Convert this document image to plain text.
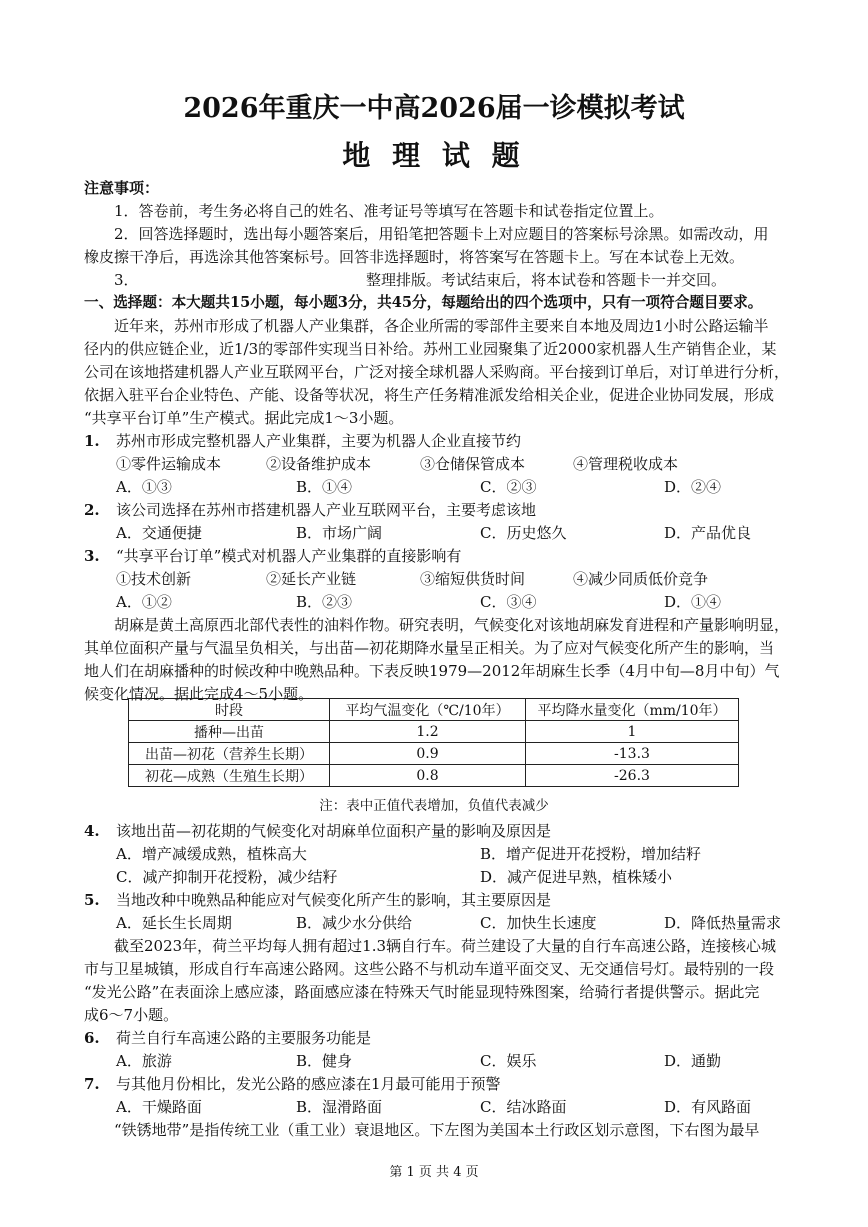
2026年重庆一中高2026届一诊模拟考试
地 理 试 题
注意事项：
1．答卷前，考生务必将自己的姓名、准考证号等填写在答题卡和试卷指定位置上。
2．回答选择题时，选出每小题答案后，用铅笔把答题卡上对应题目的答案标号涂黑。如需改动，用
橡皮擦干净后，再选涂其他答案标号。回答非选择题时，将答案写在答题卡上。写在本试卷上无效。
3．	整理排版。考试结束后，将本试卷和答题卡一并交回。
一、选择题：本大题共15小题，每小题3分，共45分，每题给出的四个选项中，只有一项符合题目要求。
近年来，苏州市形成了机器人产业集群，各企业所需的零部件主要来自本地及周边1小时公路运输半
径内的供应链企业，近1/3的零部件实现当日补给。苏州工业园聚集了近2000家机器人生产销售企业，某
公司在该地搭建机器人产业互联网平台，广泛对接全球机器人采购商。平台接到订单后，对订单进行分析，
依据入驻平台企业特色、产能、设备等状况，将生产任务精准派发给相关企业，促进企业协同发展，形成
“共享平台订单”生产模式。据此完成1～3小题。
1. 苏州市形成完整机器人产业集群，主要为机器人企业直接节约
①零件运输成本	②设备维护成本	③仓储保管成本	④管理税收成本
A．①③	B．①④	C．②③	D．②④
2. 该公司选择在苏州市搭建机器人产业互联网平台，主要考虑该地
A．交通便捷	B．市场广阔	C．历史悠久	D．产品优良
3. “共享平台订单”模式对机器人产业集群的直接影响有
①技术创新	②延长产业链	③缩短供货时间	④减少同质低价竞争
A．①②	B．②③	C．③④	D．①④
胡麻是黄土高原西北部代表性的油料作物。研究表明，气候变化对该地胡麻发育进程和产量影响明显，
其单位面积产量与气温呈负相关，与出苗—初花期降水量呈正相关。为了应对气候变化所产生的影响，当
地人们在胡麻播种的时候改种中晚熟品种。下表反映1979—2012年胡麻生长季（4月中旬—8月中旬）气
候变化情况。据此完成4～5小题。
时段	平均气温变化（℃/10年）	平均降水量变化（mm/10年）
播种—出苗	1.2	1
出苗—初花（营养生长期）	0.9	-13.3
初花—成熟（生殖生长期）	0.8	-26.3
注：表中正值代表增加，负值代表减少
4. 该地出苗—初花期的气候变化对胡麻单位面积产量的影响及原因是
A．增产减缓成熟，植株高大	B．增产促进开花授粉，增加结籽
C．减产抑制开花授粉，减少结籽	D．减产促进早熟，植株矮小
5. 当地改种中晚熟品种能应对气候变化所产生的影响，其主要原因是
A．延长生长周期	B．减少水分供给	C．加快生长速度	D．降低热量需求
截至2023年，荷兰平均每人拥有超过1.3辆自行车。荷兰建设了大量的自行车高速公路，连接核心城
市与卫星城镇，形成自行车高速公路网。这些公路不与机动车道平面交叉、无交通信号灯。最特别的一段
“发光公路”在表面涂上感应漆，路面感应漆在特殊天气时能显现特殊图案，给骑行者提供警示。据此完
成6～7小题。
6. 荷兰自行车高速公路的主要服务功能是
A．旅游	B．健身	C．娱乐	D．通勤
7. 与其他月份相比，发光公路的感应漆在1月最可能用于预警
A．干燥路面	B．湿滑路面	C．结冰路面	D．有风路面
“铁锈地带”是指传统工业（重工业）衰退地区。下左图为美国本土行政区划示意图，下右图为最早
第 1 页 共 4 页
